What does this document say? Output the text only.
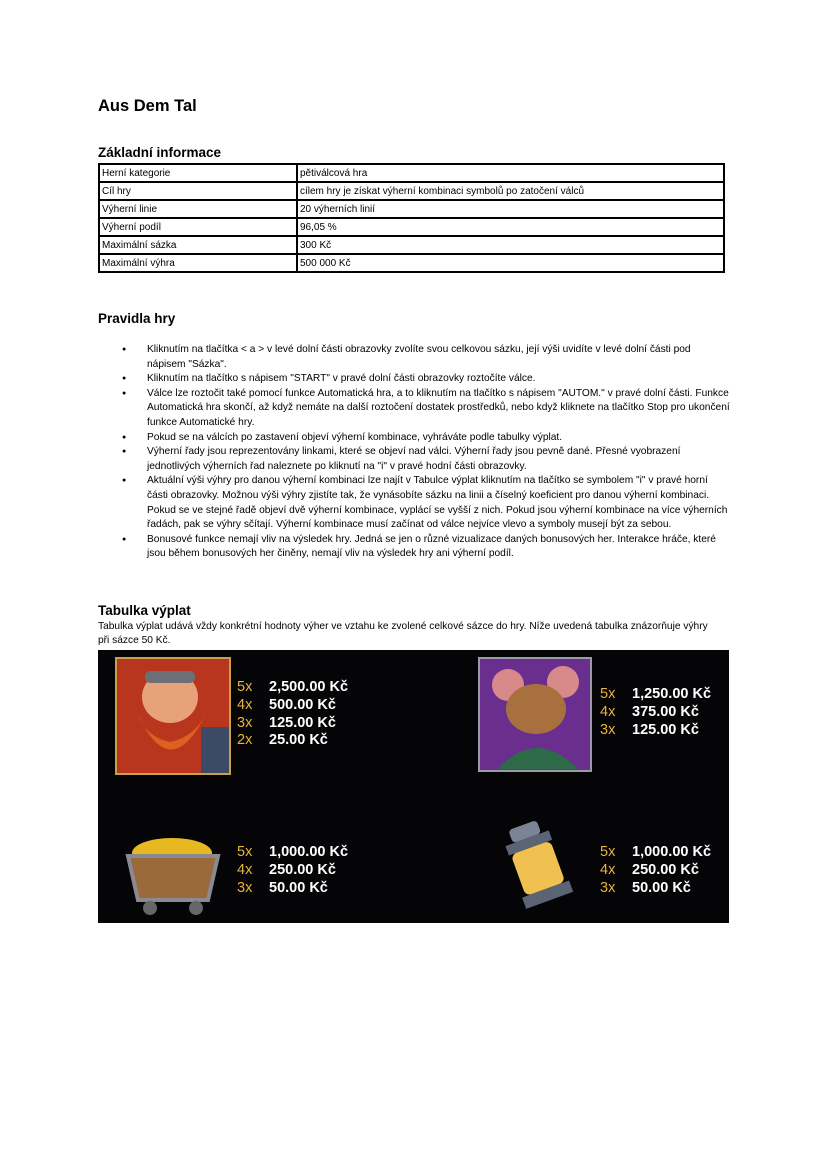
Aus Dem Tal
Základní informace
Herní kategorie	pětiválcová hra
Cíl hry	cílem hry je získat výherní kombinaci symbolů po zatočení válců
Výherní linie	20 výherních linií
Výherní podíl	96,05 %
Maximální sázka	300 Kč
Maximální výhra	500 000 Kč
Pravidla hry
● Kliknutím na tlačítka < a > v levé dolní části obrazovky zvolíte svou celkovou sázku, její výši uvidíte v levé dolní části pod nápisem "Sázka".
● Kliknutím na tlačítko s nápisem "START" v pravé dolní části obrazovky roztočíte válce.
● Válce lze roztočit také pomocí funkce Automatická hra, a to kliknutím na tlačítko s nápisem "AUTOM." v pravé dolní části. Funkce Automatická hra skončí, až když nemáte na další roztočení dostatek prostředků, nebo když kliknete na tlačítko Stop pro ukončení funkce Automatické hry.
● Pokud se na válcích po zastavení objeví výherní kombinace, vyhráváte podle tabulky výplat.
● Výherní řady jsou reprezentovány linkami, které se objeví nad válci. Výherní řady jsou pevně dané. Přesné vyobrazení jednotlivých výherních řad naleznete po kliknutí na "i" v pravé hodní části obrazovky.
● Aktuální výši výhry pro danou výherní kombinaci lze najít v Tabulce výplat kliknutím na tlačítko se symbolem "i" v pravé horní části obrazovky. Možnou výši výhry zjistíte tak, že vynásobíte sázku na linii a číselný koeficient pro danou výherní kombinaci. Pokud se ve stejné řadě objeví dvě výherní kombinace, vyplácí se vyšší z nich. Pokud jsou výherní kombinace na více výherních řadách, pak se výhry sčítají. Výherní kombinace musí začínat od válce nejvíce vlevo a symboly musejí být za sebou.
● Bonusové funkce nemají vliv na výsledek hry. Jedná se jen o různé vizualizace daných bonusových her. Interakce hráče, které jsou během bonusových her činěny, nemají vliv na výsledek hry ani výherní podíl.
Tabulka výplat
Tabulka výplat udává vždy konkrétní hodnoty výher ve vztahu ke zvolené celkové sázce do hry. Níže uvedená tabulka znázorňuje výhry při sázce 50 Kč.
5x 2,500.00 Kč
4x 500.00 Kč
3x 125.00 Kč
2x 25.00 Kč
5x 1,250.00 Kč
4x 375.00 Kč
3x 125.00 Kč
5x 1,000.00 Kč
4x 250.00 Kč
3x 50.00 Kč
5x 1,000.00 Kč
4x 250.00 Kč
3x 50.00 Kč
